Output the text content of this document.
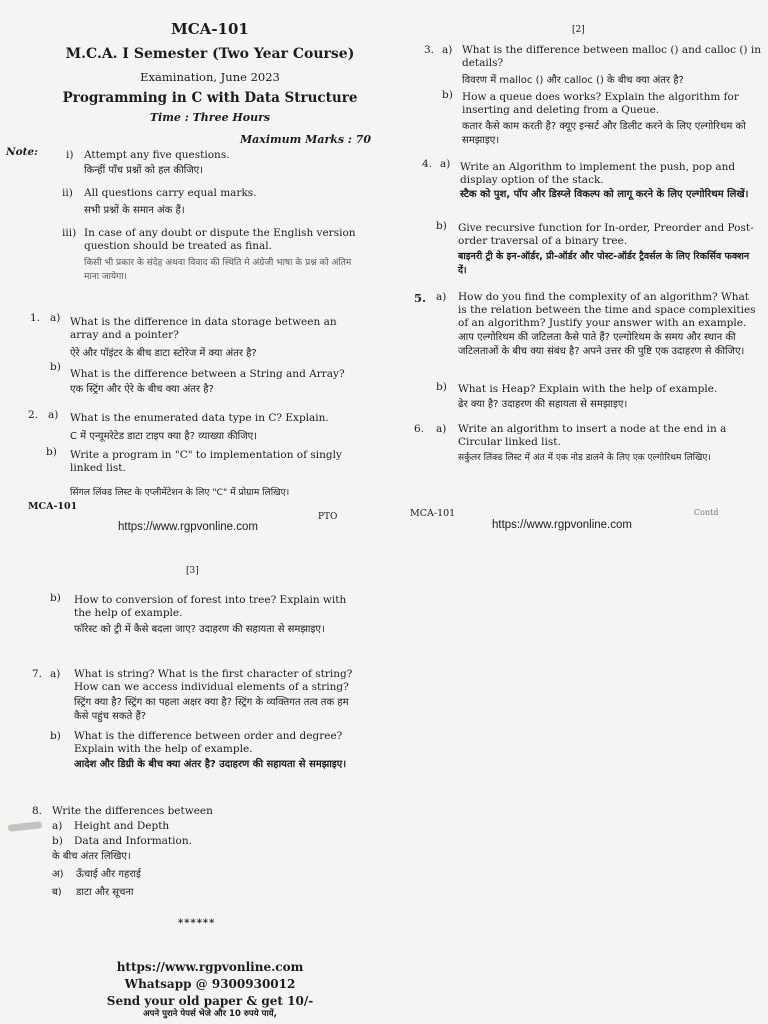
MCA-101
M.C.A. I Semester (Two Year Course)
Examination, June 2023
Programming in C with Data Structure
Time : Three Hours
Maximum Marks : 70
Note:	i) Attempt any five questions.
किन्हीं पाँच प्रश्नों को हल कीजिए।
ii) All questions carry equal marks.
सभी प्रश्नों के समान अंक हैं।
iii) In case of any doubt or dispute the English version question should be treated as final.
किसी भी प्रकार के संदेह अथवा विवाद की स्थिति मे अंग्रेजी भाषा के प्रश्न को अंतिम माना जायेगा।
1. a) What is the difference in data storage between an array and a pointer?
ऐरे और पॉइंटर के बीच डाटा स्टोरेज में क्या अंतर है?
b)
What is the difference between a String and Array?
एक स्ट्रिंग और ऐरे के बीच क्या अंतर है?
2. a) What is the enumerated data type in C? Explain.
C में एन्यूमरेटेड डाटा टाइप क्या है? व्याख्या कीजिए।
b) Write a program in "C" to implementation of singly linked list.
सिंगल लिंक्ड लिस्ट के एप्लीमेंटेशन के लिए "C" में प्रोग्राम लिखिए।
MCA-101
PTO
https://www.rgpvonline.com
[2]
3. a) What is the difference between malloc () and calloc () in details?
विवरण में malloc () और calloc () के बीच क्या अंतर है?
b) How a queue does works? Explain the algorithm for inserting and deleting from a Queue.
कतार कैसे काम करती है? क्यूए इन्सर्ट और डिलीट करने के लिए एल्गोरिथम को समझाइए।
4. a) Write an Algorithm to implement the push, pop and display option of the stack.
स्टैक को पुश, पॉप और डिस्प्ले विकल्प को लागू करने के लिए एल्गोरिथम लिखें।
b) Give recursive function for In-order, Preorder and Post-order traversal of a binary tree.
बाइनरी ट्री के इन-ऑर्डर, प्री-ऑर्डर और पोस्ट-ऑर्डर ट्रैवर्सल के लिए रिकर्सिव फक्शन दें।
5. a) How do you find the complexity of an algorithm? What is the relation between the time and space complexities of an algorithm? Justify your answer with an example.
आप एल्गोरिथम की जटिलता कैसे पाते हैं? एल्गोरिथम के समय और स्थान की जटिलताओं के बीच क्या संबंध है? अपने उत्तर की पुष्टि एक उदाहरण से कीजिए।
b) What is Heap? Explain with the help of example.
ढेर क्या है? उदाहरण की सहायता से समझाइए।
6. a) Write an algorithm to insert a node at the end in a Circular linked list.
सर्कुलर लिंक्ड लिस्ट में अंत में एक नोड डालने के लिए एक एल्गोरिथम लिखिए।
MCA-101	Contd
https://www.rgpvonline.com
[3]
b) How to conversion of forest into tree? Explain with the help of example.
फॉरेस्ट को ट्री में कैसे बदला जाए? उदाहरण की सहायता से समझाइए।
7. a) What is string? What is the first character of string? How can we access individual elements of a string?
स्ट्रिंग क्या है? स्ट्रिंग का पहला अक्षर क्या है? स्ट्रिंग के व्यक्तिगत तत्व तक हम कैसे पहुंच सकते हैं?
b) What is the difference between order and degree? Explain with the help of example.
आदेश और डिग्री के बीच क्या अंतर है? उदाहरण की सहायता से समझाइए।
8. Write the differences between
a) Height and Depth
b) Data and Information.
के बीच अंतर लिखिए।
अ) ऊँचाई और गहराई
ब) डाटा और सूचना
******
https://www.rgpvonline.com
Whatsapp @ 9300930012
Send your old paper & get 10/-
अपने पुराने पेपर्स भेजे और 10 रुपये पायें,
